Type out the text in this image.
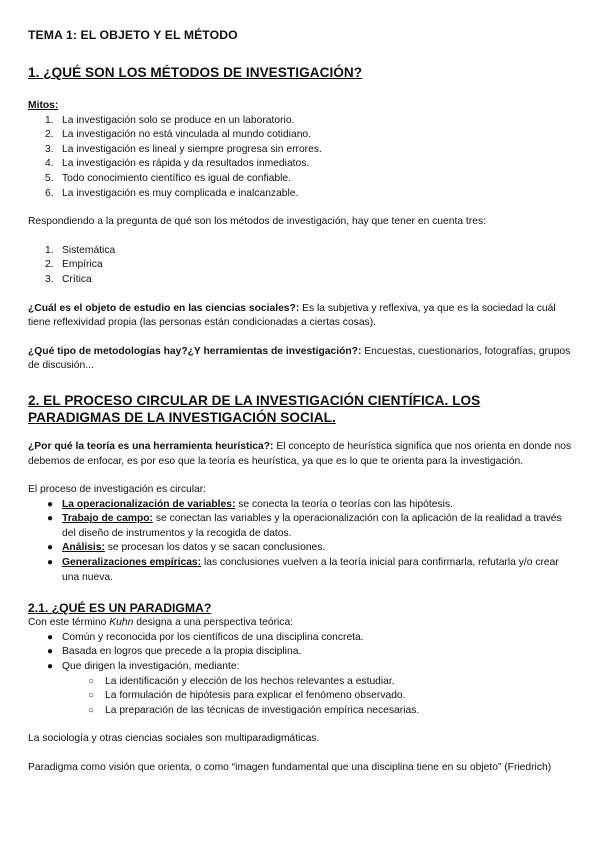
TEMA 1: EL OBJETO Y EL MÉTODO
1. ¿QUÉ SON LOS MÉTODOS DE INVESTIGACIÓN?
Mitos:
1. La investigación solo se produce en un laboratorio.
2. La investigación no está vinculada al mundo cotidiano.
3. La investigación es lineal y siempre progresa sin errores.
4. La investigación es rápida y da resultados inmediatos.
5. Todo conocimiento científico es igual de confiable.
6. La investigación es muy complicada e inalcanzable.

Respondiendo a la pregunta de qué son los métodos de investigación, hay que tener en cuenta tres:

1. Sistemática
2. Empírica
3. Crítica

¿Cuál es el objeto de estudio en las ciencias sociales?: Es la subjetiva y reflexiva, ya que es la sociedad la cuál tiene reflexividad propia (las personas están condicionadas a ciertas cosas).

¿Qué tipo de metodologías hay?¿Y herramientas de investigación?: Encuestas, cuestionarios, fotografías, grupos de discusión...

2. EL PROCESO CIRCULAR DE LA INVESTIGACIÓN CIENTÍFICA. LOS PARADIGMAS DE LA INVESTIGACIÓN SOCIAL.

¿Por qué la teoría es una herramienta heurística?: El concepto de heurística significa que nos orienta en donde nos debemos de enfocar, es por eso que la teoría es heurística, ya que es lo que te orienta para la investigación.

El proceso de investigación es circular:

● La operacionalización de variables: se conecta la teoría o teorías con las hipótesis.
● Trabajo de campo: se conectan las variables y la operacionalización con la aplicación de la realidad a través del diseño de instrumentos y la recogida de datos.
● Análisis: se procesan los datos y se sacan conclusiones.
● Generalizaciones empíricas: las conclusiones vuelven a la teoría inicial para confirmarla, refutarla y/o crear una nueva.
2.1. ¿QUÉ ES UN PARADIGMA?

Con este término Kuhn designa a una perspectiva teórica:

● Común y reconocida por los científicos de una disciplina concreta.
● Basada en logros que precede a la propia disciplina.
● Que dirigen la investigación, mediante:
○ La identificación y elección de los hechos relevantes a estudiar.
○ La formulación de hipótesis para explicar el fenómeno observado.
○ La preparación de las técnicas de investigación empírica necesarias.

La sociología y otras ciencias sociales son multiparadigmáticas.

Paradigma como visión que orienta, o como “imagen fundamental que una disciplina tiene en su objeto” (Friedrich)
